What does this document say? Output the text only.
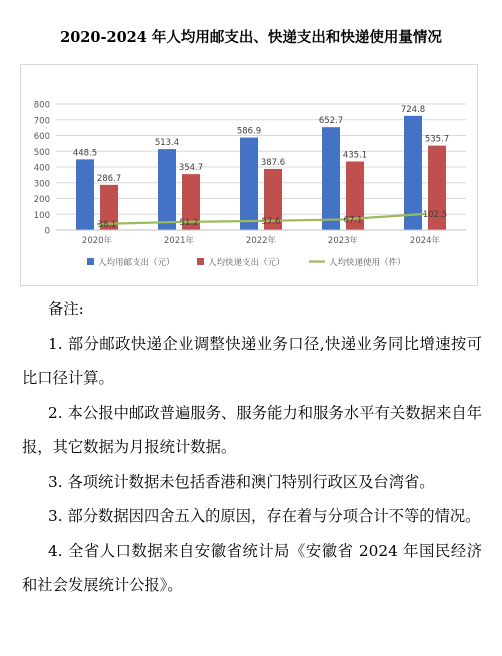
2020-2024 年人均用邮支出、快递支出和快递使用量情况
0
100
200
300
400
500
600
700
800
448.5
513.4
586.9
652.7
724.8
286.7
354.7
387.6
435.1
535.7
38.1	51.2	57.6	67.1
102.5
2020年	2021年	2022年	2023年	2024年
人均用邮支出（元）	人均快递支出（元）	人均快递使用（件）

备注:

1. 部分邮政快递企业调整快递业务口径,快递业务同比增速按可比口径计算。

2. 本公报中邮政普遍服务、服务能力和服务水平有关数据来自年报，其它数据为月报统计数据。

3. 各项统计数据未包括香港和澳门特别行政区及台湾省。

3. 部分数据因四舍五入的原因，存在着与分项合计不等的情况。

4. 全省人口数据来自安徽省统计局《安徽省 2024 年国民经济和社会发展统计公报》。
